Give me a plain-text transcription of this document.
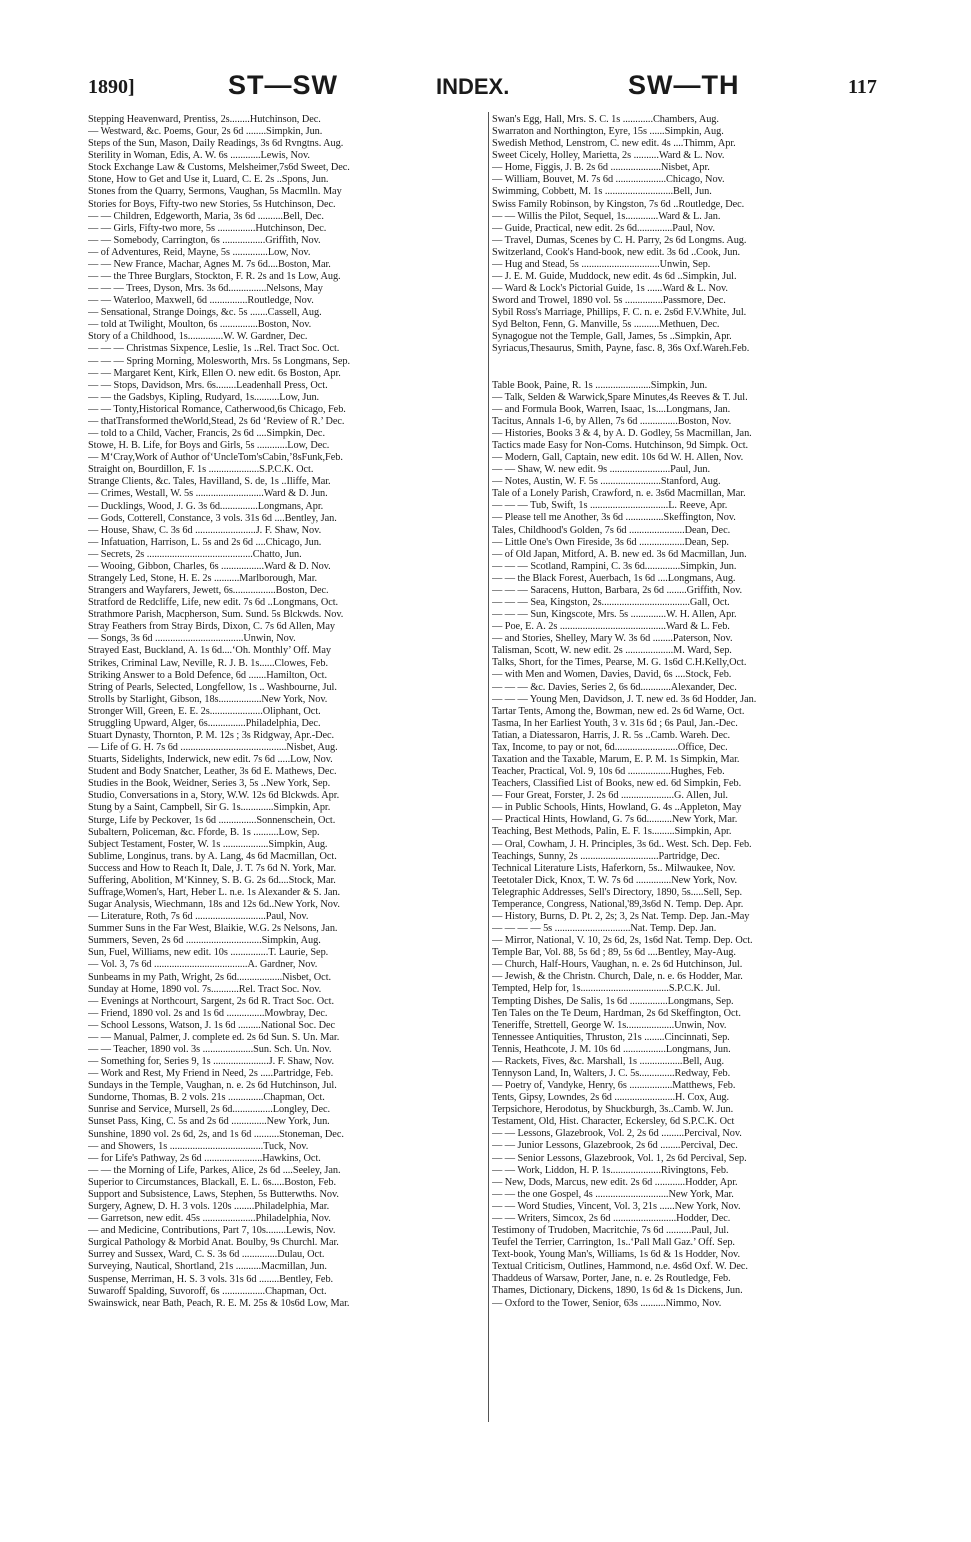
1890]	ST—SW	INDEX.	SW—TH	117
Stepping Heavenward, Prentiss, 2s........Hutchinson, Dec.
— Westward, &c. Poems, Gour, 2s 6d ........Simpkin, Jun.
Steps of the Sun, Mason, Daily Readings, 3s 6d Rvngtns. Aug.
Sterility in Woman, Edis, A. W. 6s ............Lewis, Nov.
Stock Exchange Law & Customs, Melsheimer,7s6d Sweet, Dec.
Stone, How to Get and Use it, Luard, C. E. 2s ..Spons, Jun.
Stones from the Quarry, Sermons, Vaughan, 5s Macmlln. May
Stories for Boys, Fifty-two new Stories, 5s Hutchinson, Dec.
— — Children, Edgeworth, Maria, 3s 6d ..........Bell, Dec.
— — Girls, Fifty-two more, 5s ...............Hutchinson, Dec.
— — Somebody, Carrington, 6s .................Griffith, Nov.
— of Adventures, Reid, Mayne, 5s ..............Low, Nov.
— — New France, Machar, Agnes M. 7s 6d....Boston, Mar.
— — the Three Burglars, Stockton, F. R. 2s and 1s Low, Aug.
— — — Trees, Dyson, Mrs. 3s 6d...............Nelsons, May
— — Waterloo, Maxwell, 6d ...............Routledge, Nov.
— Sensational, Strange Doings, &c. 5s .......Cassell, Aug.
— told at Twilight, Moulton, 6s ...............Boston, Nov.
Story of a Childhood, 1s..............W. W. Gardner, Dec.
— — — Christmas Sixpence, Leslie, 1s ..Rel. Tract Soc. Oct.
— — — Spring Morning, Molesworth, Mrs. 5s Longmans, Sep.
— — Margaret Kent, Kirk, Ellen O. new edit. 6s Boston, Apr.
— — Stops, Davidson, Mrs. 6s........Leadenhall Press, Oct.
— — the Gadsbys, Kipling, Rudyard, 1s..........Low, Jun.
— — Tonty,Historical Romance, Catherwood,6s Chicago, Feb.
— thatTransformed theWorld,Stead, 2s 6d ‘Review of R.’ Dec.
— told to a Child, Vacher, Francis, 2s 6d ....Simpkin, Dec.
Stowe, H. B. Life, for Boys and Girls, 5s ............Low, Dec.
— M‘Cray,Work of Author of‘UncleTom'sCabin,’8sFunk,Feb.
Straight on, Bourdillon, F. 1s ....................S.P.C.K. Oct.
Strange Clients, &c. Tales, Havilland, S. de, 1s ..Iliffe, Mar.
— Crimes, Westall, W. 5s ...........................Ward & D. Jun.
— Ducklings, Wood, J. G. 3s 6d...............Longmans, Apr.
— Gods, Cotterell, Constance, 3 vols. 31s 6d ....Bentley, Jan.
— House, Shaw, C. 3s 6d ........................J. F. Shaw, Nov.
— Infatuation, Harrison, L. 5s and 2s 6d ....Chicago, Jun.
— Secrets, 2s ..........................................Chatto, Jun.
— Wooing, Gibbon, Charles, 6s .................Ward & D. Nov.
Strangely Led, Stone, H. E. 2s ..........Marlborough, Mar.
Strangers and Wayfarers, Jewett, 6s.................Boston, Dec.
Stratford de Redcliffe, Life, new edit. 7s 6d ..Longmans, Oct.
Strathmore Parish, Macpherson, Sum. Sund. 5s Blckwds. Nov.
Stray Feathers from Stray Birds, Dixon, C. 7s 6d Allen, May
— Songs, 3s 6d ...................................Unwin, Nov.
Strayed East, Buckland, A. 1s 6d....‘Oh. Monthly’ Off. May
Strikes, Criminal Law, Neville, R. J. B. 1s......Clowes, Feb.
Striking Answer to a Bold Defence, 6d .......Hamilton, Oct.
String of Pearls, Selected, Longfellow, 1s .. Washbourne, Jul.
Strolls by Starlight, Gibson, 18s.................New York, Nov.
Stronger Will, Green, E. E. 2s.....................Oliphant, Oct.
Struggling Upward, Alger, 6s...............Philadelphia, Dec.
Stuart Dynasty, Thornton, P. M. 12s ; 3s Ridgway, Apr.-Dec.
— Life of G. H. 7s 6d ..........................................Nisbet, Aug.
Stuarts, Sidelights, Inderwick, new edit. 7s 6d .....Low, Nov.
Student and Body Snatcher, Leather, 3s 6d E. Mathews, Dec.
Studies in the Book, Weidner, Series 3, 5s ..New York, Sep.
Studio, Conversations in a, Story, W.W. 12s 6d Blckwds. Apr.
Stung by a Saint, Campbell, Sir G. 1s.............Simpkin, Apr.
Sturge, Life by Peckover, 1s 6d ...............Sonnenschein, Oct.
Subaltern, Policeman, &c. Fforde, B. 1s ..........Low, Sep.
Subject Testament, Foster, W. 1s ..................Simpkin, Aug.
Sublime, Longinus, trans. by A. Lang, 4s 6d Macmillan, Oct.
Success and How to Reach It, Dale, J. T. 7s 6d N. York, Mar.
Suffering, Abolition, M‘Kinney, S. B. G. 2s 6d....Stock, Mar.
Suffrage,Women's, Hart, Heber L. n.e. 1s Alexander & S. Jan.
Sugar Analysis, Wiechmann, 18s and 12s 6d..New York, Nov.
— Literature, Roth, 7s 6d ............................Paul, Nov.
Summer Suns in the Far West, Blaikie, W.G. 2s Nelsons, Jan.
Summers, Seven, 2s 6d ..............................Simpkin, Aug.
Sun, Fuel, Williams, new edit. 10s ...............T. Laurie, Sep.
— Vol. 3, 7s 6d .....................................A. Gardner, Nov.
Sunbeams in my Path, Wright, 2s 6d..................Nisbet, Oct.
Sunday at Home, 1890 vol. 7s...........Rel. Tract Soc. Nov.
— Evenings at Northcourt, Sargent, 2s 6d R. Tract Soc. Oct.
— Friend, 1890 vol. 2s and 1s 6d ...............Mowbray, Dec.
— School Lessons, Watson, J. 1s 6d .........National Soc. Dec
— — Manual, Palmer, J. complete ed. 2s 6d Sun. S. Un. Mar.
— — Teacher, 1890 vol. 3s ....................Sun. Sch. Un. Nov.
— Something for, Series 9, 1s ......................J. F. Shaw, Nov.
— Work and Rest, My Friend in Need, 2s .....Partridge, Feb.
Sundays in the Temple, Vaughan, n. e. 2s 6d Hutchinson, Jul.
Sundorne, Thomas, B. 2 vols. 21s ..............Chapman, Oct.
Sunrise and Service, Mursell, 2s 6d................Longley, Dec.
Sunset Pass, King, C. 5s and 2s 6d ..............New York, Jun.
Sunshine, 1890 vol. 2s 6d, 2s, and 1s 6d ..........Stoneman, Dec.
— and Showers, 1s .....................................Tuck, Nov.
— for Life's Pathway, 2s 6d .......................Hawkins, Oct.
— — the Morning of Life, Parkes, Alice, 2s 6d ....Seeley, Jan.
Superior to Circumstances, Blackall, E. L. 6s.....Boston, Feb.
Support and Subsistence, Laws, Stephen, 5s Butterwths. Nov.
Surgery, Agnew, D. H. 3 vols. 120s ........Philadelphia, Mar.
— Garretson, new edit. 45s .....................Philadelphia, Nov.
— and Medicine, Contributions, Part 7, 10s........Lewis, Nov.
Surgical Pathology & Morbid Anat. Boulby, 9s Churchl. Mar.
Surrey and Sussex, Ward, C. S. 3s 6d ..............Dulau, Oct.
Surveying, Nautical, Shortland, 21s ..........Macmillan, Jun.
Suspense, Merriman, H. S. 3 vols. 31s 6d ........Bentley, Feb.
Suwaroff Spalding, Suvoroff, 6s .................Chapman, Oct.
Swainswick, near Bath, Peach, R. E. M. 25s & 10s6d Low, Mar.
Swan's Egg, Hall, Mrs. S. C. 1s ............Chambers, Aug.
Swarraton and Northington, Eyre, 15s ......Simpkin, Aug.
Swedish Method, Lenstrom, C. new edit. 4s ....Thimm, Apr.
Sweet Cicely, Holley, Marietta, 2s ..........Ward & L. Nov.
— Home, Figgis, J. B. 2s 6d ....................Nisbet, Apr.
— William, Bouvet, M. 7s 6d ....................Chicago, Nov.
Swimming, Cobbett, M. 1s ...........................Bell, Jun.
Swiss Family Robinson, by Kingston, 7s 6d ..Routledge, Dec.
— — Willis the Pilot, Sequel, 1s.............Ward & L. Jan.
— Guide, Practical, new edit. 2s 6d..............Paul, Nov.
— Travel, Dumas, Scenes by C. H. Parry, 2s 6d Longms. Aug.
Switzerland, Cook's Hand-book, new edit. 3s 6d ..Cook, Jun.
— Hug and Stead, 5s ...............................Unwin, Sep.
— J. E. M. Guide, Muddock, new edit. 4s 6d ..Simpkin, Jul.
— Ward & Lock's Pictorial Guide, 1s ......Ward & L. Nov.
Sword and Trowel, 1890 vol. 5s ...............Passmore, Dec.
Sybil Ross's Marriage, Phillips, F. C. n. e. 2s6d F.V.White, Jul.
Syd Belton, Fenn, G. Manville, 5s ..........Methuen, Dec.
Synagogue not the Temple, Gall, James, 5s ..Simpkin, Apr.
Syriacus,Thesaurus, Smith, Payne, fasc. 8, 36s Oxf.Wareh.Feb.
Table Book, Paine, R. 1s ......................Simpkin, Jun.
— Talk, Selden & Warwick,Spare Minutes,4s Reeves & T. Jul.
— and Formula Book, Warren, Isaac, 1s....Longmans, Jan.
Tacitus, Annals 1-6, by Allen, 7s 6d ...............Boston, Nov.
— Histories, Books 3 & 4, by A. D. Godley, 5s Macmillan, Jan.
Tactics made Easy for Non-Coms. Hutchinson, 9d Simpk. Oct.
— Modern, Gall, Captain, new edit. 10s 6d W. H. Allen, Nov.
— — Shaw, W. new edit. 9s ........................Paul, Jun.
— Notes, Austin, W. F. 5s ........................Stanford, Aug.
Tale of a Lonely Parish, Crawford, n. e. 3s6d Macmillan, Mar.
— — — Tub, Swift, 1s ...............................L. Reeve, Apr.
— Please tell me Another, 3s 6d ...............Skeffington, Nov.
Tales, Childhood's Golden, 7s 6d ......................Dean, Dec.
— Little One's Own Fireside, 3s 6d ..................Dean, Sep.
— of Old Japan, Mitford, A. B. new ed. 3s 6d Macmillan, Jun.
— — — Scotland, Rampini, C. 3s 6d..............Simpkin, Jun.
— — the Black Forest, Auerbach, 1s 6d ....Longmans, Aug.
— — — Saracens, Hutton, Barbara, 2s 6d ........Griffith, Nov.
— — — Sea, Kingston, 2s...................................Gall, Oct.
— — — Sun, Kingscote, Mrs. 5s ..............W. H. Allen, Apr.
— Poe, E. A. 2s ..........................................Ward & L. Feb.
— and Stories, Shelley, Mary W. 3s 6d ........Paterson, Nov.
Talisman, Scott, W. new edit. 2s ...................M. Ward, Sep.
Talks, Short, for the Times, Pearse, M. G. 1s6d C.H.Kelly,Oct.
— with Men and Women, Davies, David, 6s ....Stock, Feb.
— — — &c. Davies, Series 2, 6s 6d............Alexander, Dec.
— — — Young Men, Davidson, J. T. new ed. 3s 6d Hodder, Jan.
Tartar Tents, Among the, Bowman, new ed. 2s 6d Warne, Oct.
Tasma, In her Earliest Youth, 3 v. 31s 6d ; 6s Paul, Jan.-Dec.
Tatian, a Diatessaron, Harris, J. R. 5s ..Camb. Wareh. Dec.
Tax, Income, to pay or not, 6d.........................Office, Dec.
Taxation and the Taxable, Marum, E. P. M. 1s Simpkin, Mar.
Teacher, Practical, Vol. 9, 10s 6d .................Hughes, Feb.
Teachers, Classified List of Books, new ed. 6d Simpkin, Feb.
— Four Great, Forster, J. 2s 6d .....................G. Allen, Jul.
— in Public Schools, Hints, Howland, G. 4s ..Appleton, May
— Practical Hints, Howland, G. 7s 6d..........New York, Mar.
Teaching, Best Methods, Palin, E. F. 1s.........Simpkin, Apr.
— Oral, Cowham, J. H. Principles, 3s 6d.. West. Sch. Dep. Feb.
Teachings, Sunny, 2s ...............................Partridge, Dec.
Technical Literature Lists, Haferkorn, 5s.. Milwaukee, Nov.
Teetotaler Dick, Knox, T. W. 7s 6d ..............New York, Nov.
Telegraphic Addresses, Sell's Directory, 1890, 5s.....Sell, Sep.
Temperance, Congress, National,'89,3s6d N. Temp. Dep. Apr.
— History, Burns, D. Pt. 2, 2s; 3, 2s Nat. Temp. Dep. Jan.-May
— — — — 5s ..............................Nat. Temp. Dep. Jan.
— Mirror, National, V. 10, 2s 6d, 2s, 1s6d Nat. Temp. Dep. Oct.
Temple Bar, Vol. 88, 5s 6d ; 89, 5s 6d ....Bentley, May-Aug.
— Church, Half-Hours, Vaughan, n. e. 2s 6d Hutchinson, Jul.
— Jewish, & the Christn. Church, Dale, n. e. 6s Hodder, Mar.
Tempted, Help for, 1s...................................S.P.C.K. Jul.
Tempting Dishes, De Salis, 1s 6d ...............Longmans, Sep.
Ten Tales on the Te Deum, Hardman, 2s 6d Skeffington, Oct.
Teneriffe, Strettell, George W. 1s...................Unwin, Nov.
Tennessee Antiquities, Thruston, 21s ........Cincinnati, Sep.
Tennis, Heathcote, J. M. 10s 6d .................Longmans, Jun.
— Rackets, Fives, &c. Marshall, 1s .................Bell, Aug.
Tennyson Land, In, Walters, J. C. 5s..............Redway, Feb.
— Poetry of, Vandyke, Henry, 6s .................Matthews, Feb.
Tents, Gipsy, Lowndes, 2s 6d ........................H. Cox, Aug.
Terpsichore, Herodotus, by Shuckburgh, 3s..Camb. W. Jun.
Testament, Old, Hist. Character, Eckersley, 6d S.P.C.K. Oct
— — Lessons, Glazebrook, Vol. 2, 2s 6d .........Percival, Nov.
— — Junior Lessons, Glazebrook, 2s 6d ........Percival, Dec.
— — Senior Lessons, Glazebrook, Vol. 1, 2s 6d Percival, Sep.
— — Work, Liddon, H. P. 1s....................Rivingtons, Feb.
— New, Dods, Marcus, new edit. 2s 6d ............Hodder, Apr.
— — the one Gospel, 4s .............................New York, Mar.
— — Word Studies, Vincent, Vol. 3, 21s ......New York, Nov.
— — Writers, Simcox, 2s 6d .........................Hodder, Dec.
Testimony of Trudoben, Macritchie, 7s 6d ..........Paul, Jul.
Teufel the Terrier, Carrington, 1s..‘Pall Mall Gaz.’ Off. Sep.
Text-book, Young Man's, Williams, 1s 6d & 1s Hodder, Nov.
Textual Criticism, Outlines, Hammond, n.e. 4s6d Oxf. W. Dec.
Thaddeus of Warsaw, Porter, Jane, n. e. 2s Routledge, Feb.
Thames, Dictionary, Dickens, 1890, 1s 6d & 1s Dickens, Jun.
— Oxford to the Tower, Senior, 63s ..........Nimmo, Nov.
